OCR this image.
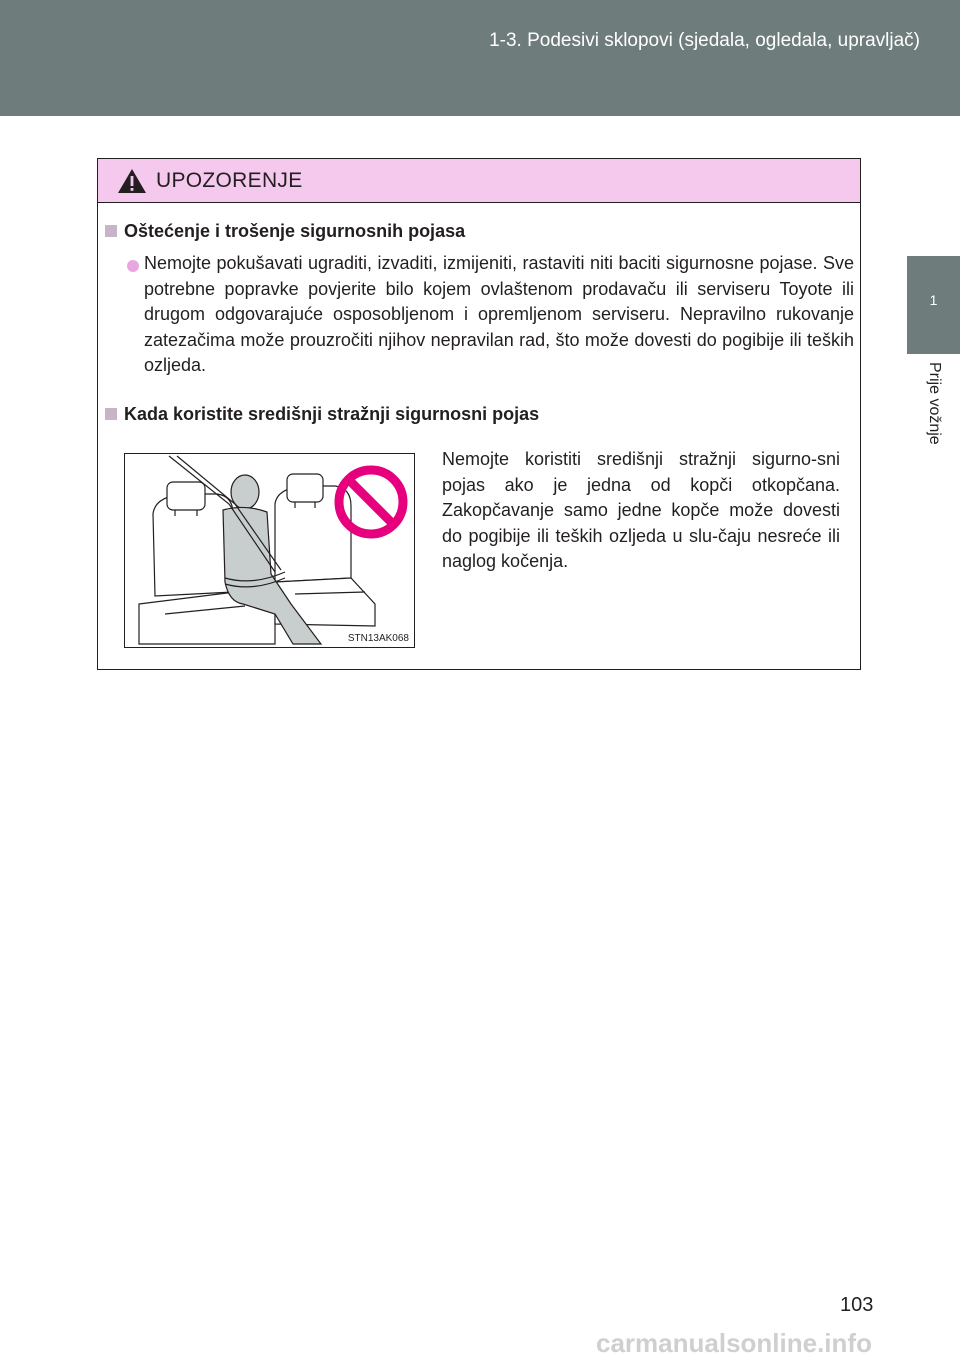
1-3. Podesivi sklopovi (sjedala, ogledala, upravljač)
1
Prije vožnje
UPOZORENJE
Oštećenje i trošenje sigurnosnih pojasa
Nemojte pokušavati ugraditi, izvaditi, izmijeniti, rastaviti niti baciti sigurnosne pojase. Sve potrebne popravke povjerite bilo kojem ovlaštenom prodavaču ili serviseru Toyote ili drugom odgovarajuće osposobljenom i opremljenom serviseru. Nepravilno rukovanje zatezačima može prouzročiti njihov nepravilan rad, što može dovesti do pogibije ili teških ozljeda.
Kada koristite središnji stražnji sigurnosni pojas
STN13AK068
Nemojte koristiti središnji stražnji sigurno-sni pojas ako je jedna od kopči otkopčana. Zakopčavanje samo jedne kopče može dovesti do pogibije ili teških ozljeda u slu-čaju nesreće ili naglog kočenja.
103
carmanualsonline.info
